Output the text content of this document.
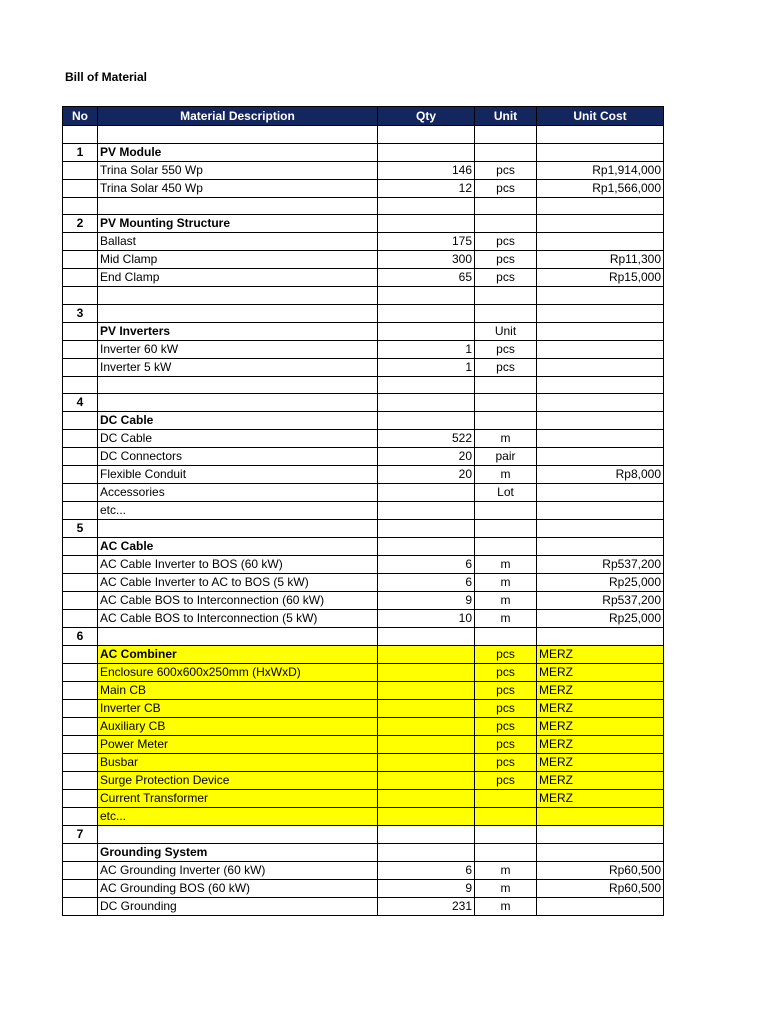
Bill of Material
No	Material Description	Qty	Unit	Unit Cost

1	PV Module			
	Trina Solar 550 Wp	146	pcs	Rp1,914,000
	Trina Solar 450 Wp	12	pcs	Rp1,566,000

2	PV Mounting Structure			
	Ballast	175	pcs	
	Mid Clamp	300	pcs	Rp11,300
	End Clamp	65	pcs	Rp15,000

3				
	PV Inverters		Unit	
	Inverter 60 kW	1	pcs	
	Inverter 5 kW	1	pcs	

4				
	DC Cable			
	DC Cable	522	m	
	DC Connectors	20	pair	
	Flexible Conduit	20	m	Rp8,000
	Accessories		Lot	
	etc...			
5				
	AC Cable			
	AC Cable Inverter to BOS (60 kW)	6	m	Rp537,200
	AC Cable Inverter to AC to BOS (5 kW)	6	m	Rp25,000
	AC Cable BOS to Interconnection (60 kW)	9	m	Rp537,200
	AC Cable BOS to Interconnection (5 kW)	10	m	Rp25,000
6				
	AC Combiner		pcs	MERZ
	Enclosure 600x600x250mm (HxWxD)		pcs	MERZ
	Main CB		pcs	MERZ
	Inverter CB		pcs	MERZ
	Auxiliary CB		pcs	MERZ
	Power Meter		pcs	MERZ
	Busbar		pcs	MERZ
	Surge Protection Device		pcs	MERZ
	Current Transformer			MERZ
	etc...			
7				
	Grounding System			
	AC Grounding Inverter (60 kW)	6	m	Rp60,500
	AC Grounding BOS (60 kW)	9	m	Rp60,500
	DC Grounding	231	m	
